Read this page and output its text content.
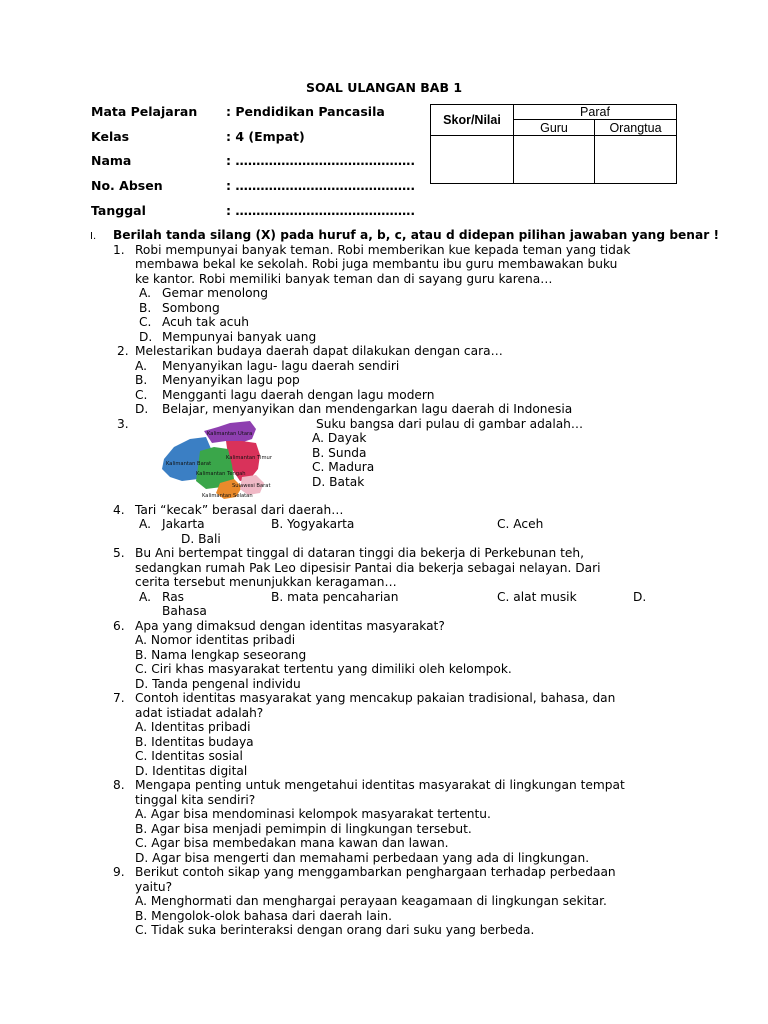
SOAL ULANGAN BAB 1
Mata Pelajaran : Pendidikan Pancasila
Kelas	: 4 (Empat)
Nama	: …………………………………….
No. Absen	: …………………………………….
Tanggal	: …………………………………….
Skor/Nilai	Paraf	
	Guru	Orangtua

I. Berilah tanda silang (X) pada huruf a, b, c, atau d didepan pilihan jawaban yang benar !
1. Robi mempunyai banyak teman. Robi memberikan kue kepada teman yang tidak
membawa bekal ke sekolah. Robi juga membantu ibu guru membawakan buku
ke kantor. Robi memiliki banyak teman dan di sayang guru karena…
A. Gemar menolong
B. Sombong
C. Acuh tak acuh
D. Mempunyai banyak uang
2. Melestarikan budaya daerah dapat dilakukan dengan cara…
A. Menyanyikan lagu- lagu daerah sendiri
B. Menyanyikan lagu pop
C. Mengganti lagu daerah dengan lagu modern
D. Belajar, menyanyikan dan mendengarkan lagu daerah di Indonesia
3.	Suku bangsa dari pulau di gambar adalah…
Kalimantan Utara
Kalimantan Barat
Kalimantan Timur
Kalimantan Tengah
Kalimantan Selatan
Sulawesi Barat
A. Dayak
B. Sunda
C. Madura
D. Batak
4. Tari “kecak” berasal dari daerah…
A. Jakarta	B. Yogyakarta	C. Aceh
D. Bali
5. Bu Ani bertempat tinggal di dataran tinggi dia bekerja di Perkebunan teh,
sedangkan rumah Pak Leo dipesisir Pantai dia bekerja sebagai nelayan. Dari
cerita tersebut menunjukkan keragaman…
A. Ras	B. mata pencaharian	C. alat musik	D.
Bahasa
6. Apa yang dimaksud dengan identitas masyarakat?
A. Nomor identitas pribadi
B. Nama lengkap seseorang
C. Ciri khas masyarakat tertentu yang dimiliki oleh kelompok.
D. Tanda pengenal individu
7. Contoh identitas masyarakat yang mencakup pakaian tradisional, bahasa, dan
adat istiadat adalah?
A. Identitas pribadi
B. Identitas budaya
C. Identitas sosial
D. Identitas digital
8. Mengapa penting untuk mengetahui identitas masyarakat di lingkungan tempat
tinggal kita sendiri?
A. Agar bisa mendominasi kelompok masyarakat tertentu.
B. Agar bisa menjadi pemimpin di lingkungan tersebut.
C. Agar bisa membedakan mana kawan dan lawan.
D. Agar bisa mengerti dan memahami perbedaan yang ada di lingkungan.
9. Berikut contoh sikap yang menggambarkan penghargaan terhadap perbedaan
yaitu?
A. Menghormati dan menghargai perayaan keagamaan di lingkungan sekitar.
B. Mengolok-olok bahasa dari daerah lain.
C. Tidak suka berinteraksi dengan orang dari suku yang berbeda.
